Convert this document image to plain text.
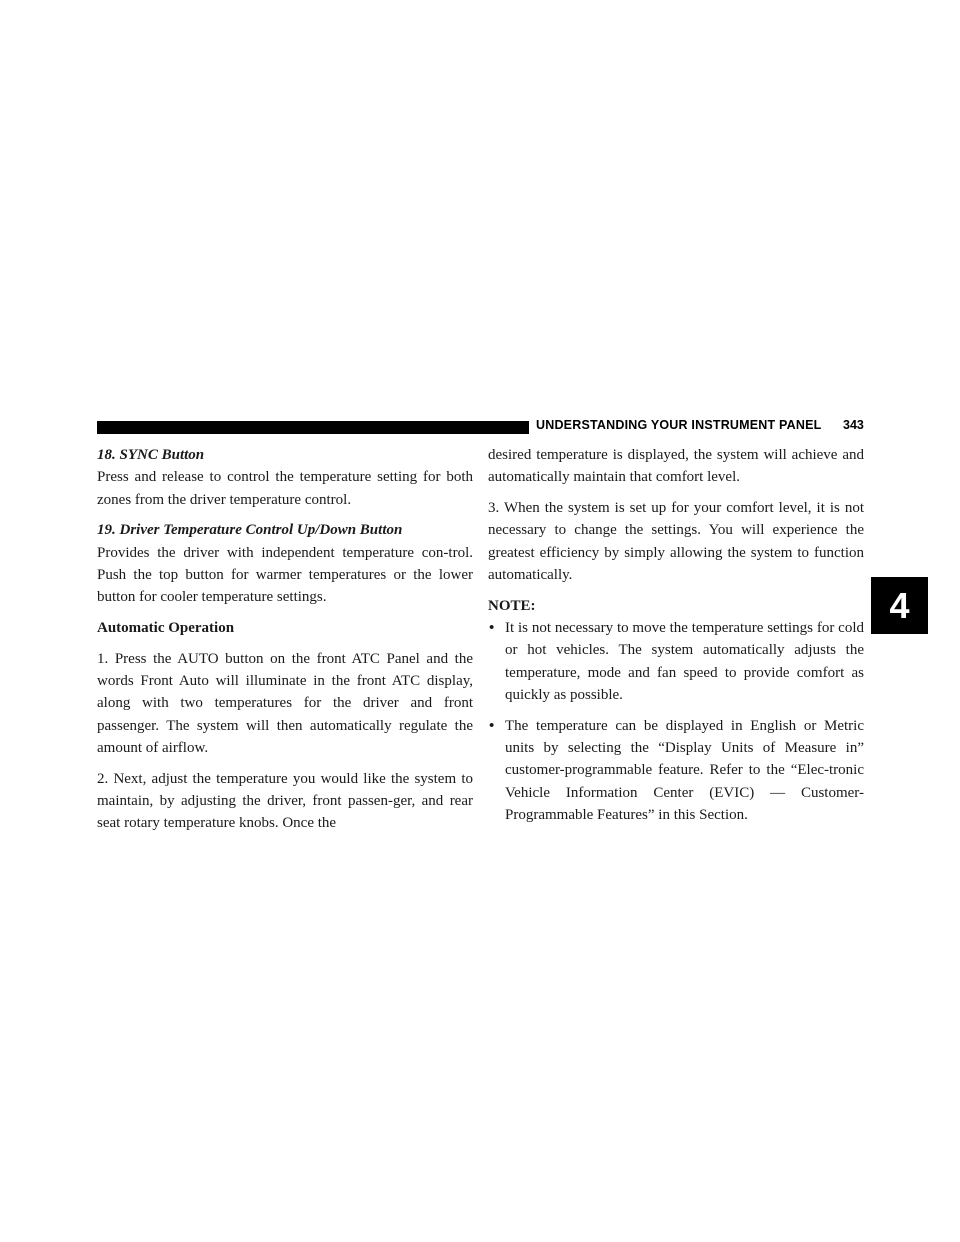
UNDERSTANDING YOUR INSTRUMENT PANEL 343
4

18. SYNC Button

Press and release to control the temperature setting for both zones from the driver temperature control.

19. Driver Temperature Control Up/Down Button

Provides the driver with independent temperature con-trol. Push the top button for warmer temperatures or the lower button for cooler temperature settings.

Automatic Operation

1. Press the AUTO button on the front ATC Panel and the words Front Auto will illuminate in the front ATC display, along with two temperatures for the driver and front passenger. The system will then automatically regulate the amount of airflow.

2. Next, adjust the temperature you would like the system to maintain, by adjusting the driver, front passen-ger, and rear seat rotary temperature knobs. Once the

desired temperature is displayed, the system will achieve and automatically maintain that comfort level.

3. When the system is set up for your comfort level, it is not necessary to change the settings. You will experience the greatest efficiency by simply allowing the system to function automatically.

NOTE:

• It is not necessary to move the temperature settings for cold or hot vehicles. The system automatically adjusts the temperature, mode and fan speed to provide comfort as quickly as possible.
• The temperature can be displayed in English or Metric units by selecting the “Display Units of Measure in” customer-programmable feature. Refer to the “Elec-tronic Vehicle Information Center (EVIC) — Customer-Programmable Features” in this Section.
